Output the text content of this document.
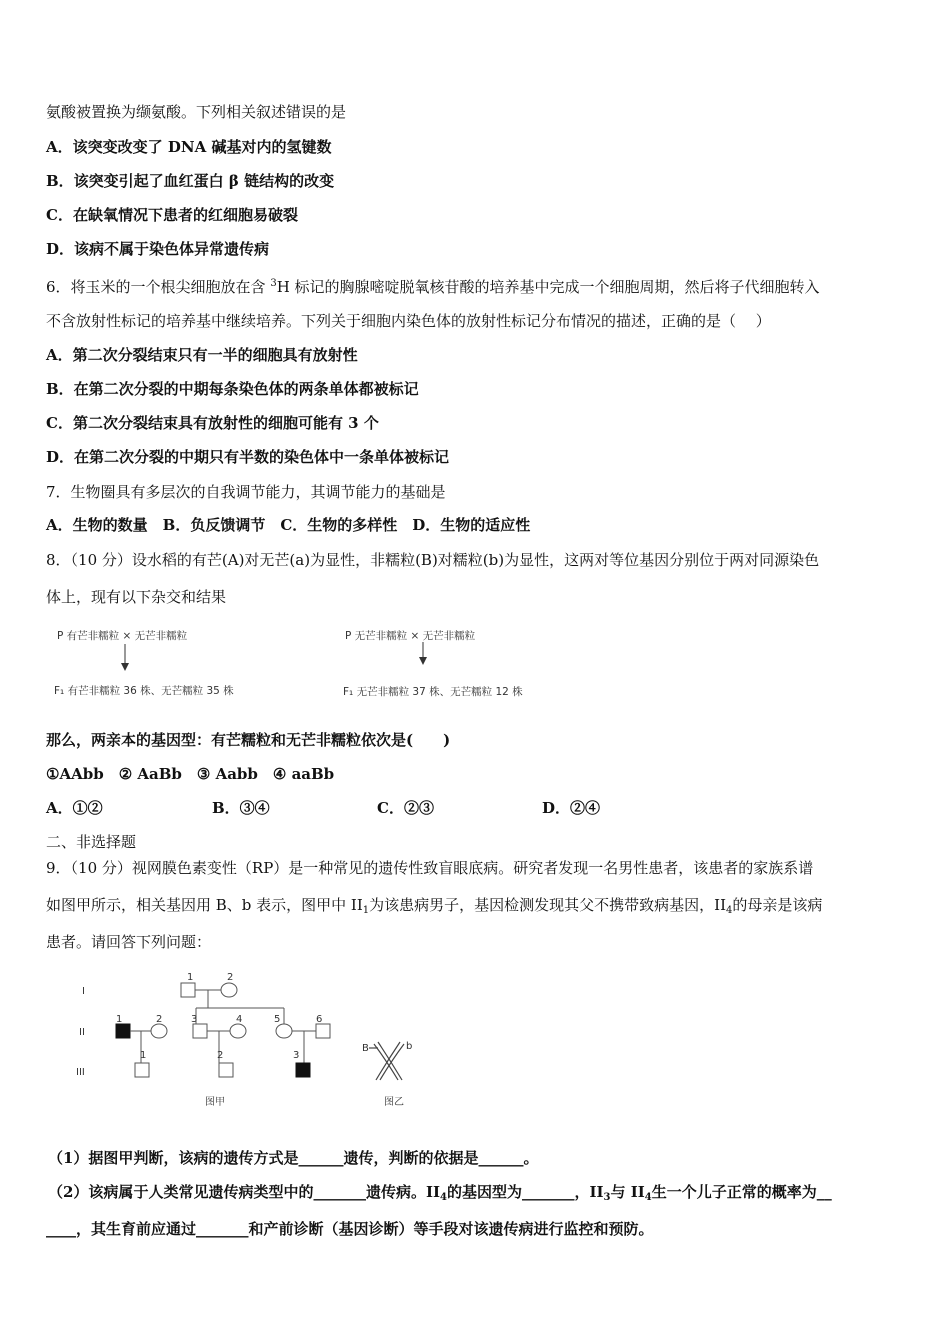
氨酸被置换为缬氨酸。下列相关叙述错误的是
A．该突变改变了 DNA 碱基对内的氢键数
B．该突变引起了血红蛋白 β 链结构的改变
C．在缺氧情况下患者的红细胞易破裂
D．该病不属于染色体异常遗传病
6．将玉米的一个根尖细胞放在含 $^3$H 标记的胸腺嘧啶脱氧核苷酸的培养基中完成一个细胞周期，然后将子代细胞转入
不含放射性标记的培养基中继续培养。下列关于细胞内染色体的放射性标记分布情况的描述，正确的是（　 ）
A．第二次分裂结束只有一半的细胞具有放射性
B．在第二次分裂的中期每条染色体的两条单体都被标记
C．第二次分裂结束具有放射性的细胞可能有 3 个
D．在第二次分裂的中期只有半数的染色体中一条单体被标记
7．生物圈具有多层次的自我调节能力，其调节能力的基础是
A．生物的数量　B．负反馈调节　C．生物的多样性　D．生物的适应性
8．（10 分）设水稻的有芒(A)对无芒(a)为显性，非糯粒(B)对糯粒(b)为显性，这两对等位基因分别位于两对同源染色
体上，现有以下杂交和结果
P 有芒非糯粒 × 无芒非糯粒
F₁ 有芒非糯粒 36 株、无芒糯粒 35 株
P 无芒非糯粒 × 无芒非糯粒
F₁ 无芒非糯粒 37 株、无芒糯粒 12 株
那么，两亲本的基因型：有芒糯粒和无芒非糯粒依次是(　　)
①AAbb　② AaBb　③ Aabb　④ aaBb
A．①②	B．③④	C．②③	D．②④
二、非选择题
9．（10 分）视网膜色素变性（RP）是一种常见的遗传性致盲眼底病。研究者发现一名男性患者，该患者的家族系谱
如图甲所示，相关基因用 B、b 表示，图甲中 $II_1$为该患病男子，基因检测发现其父不携带致病基因，$II_4$的母亲是该病
患者。请回答下列问题：
I
II
III
1	2
1	2	3	4	5	6
1	2	3
图甲	图乙
B	b
（1）据图甲判断，该病的遗传方式是______遗传，判断的依据是______。
（2）该病属于人类常见遗传病类型中的_______遗传病。$II_4$的基因型为_______，$II_3$与 $II_4$生一个儿子正常的概率为__
____，其生育前应通过_______和产前诊断（基因诊断）等手段对该遗传病进行监控和预防。
